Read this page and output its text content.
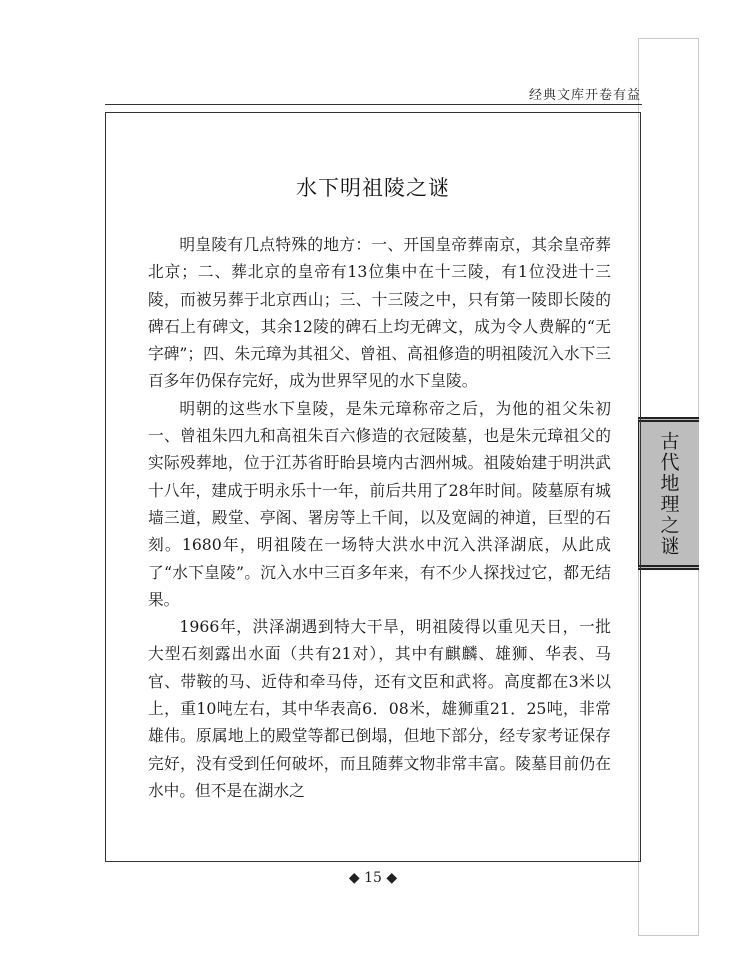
古代地理之谜
经典文库开卷有益
水下明祖陵之谜

明皇陵有几点特殊的地方：一、开国皇帝葬南京，其余皇帝葬北京；二、葬北京的皇帝有13位集中在十三陵，有1位没进十三陵，而被另葬于北京西山；三、十三陵之中，只有第一陵即长陵的碑石上有碑文，其余12陵的碑石上均无碑文，成为令人费解的“无字碑”；四、朱元璋为其祖父、曾祖、高祖修造的明祖陵沉入水下三百多年仍保存完好，成为世界罕见的水下皇陵。

明朝的这些水下皇陵，是朱元璋称帝之后，为他的祖父朱初一、曾祖朱四九和高祖朱百六修造的衣冠陵墓，也是朱元璋祖父的实际殁葬地，位于江苏省盱眙县境内古泗州城。祖陵始建于明洪武十八年，建成于明永乐十一年，前后共用了28年时间。陵墓原有城墙三道，殿堂、亭阁、署房等上千间，以及宽阔的神道，巨型的石刻。1680年，明祖陵在一场特大洪水中沉入洪泽湖底，从此成了“水下皇陵”。沉入水中三百多年来，有不少人探找过它，都无结果。

1966年，洪泽湖遇到特大干旱，明祖陵得以重见天日，一批大型石刻露出水面（共有21对），其中有麒麟、雄狮、华表、马官、带鞍的马、近侍和牵马侍，还有文臣和武将。高度都在3米以上，重10吨左右，其中华表高6．08米，雄狮重21．25吨，非常雄伟。原属地上的殿堂等都已倒塌，但地下部分，经专家考证保存完好，没有受到任何破坏，而且随葬文物非常丰富。陵墓目前仍在水中。但不是在湖水之

◆ 15 ◆
